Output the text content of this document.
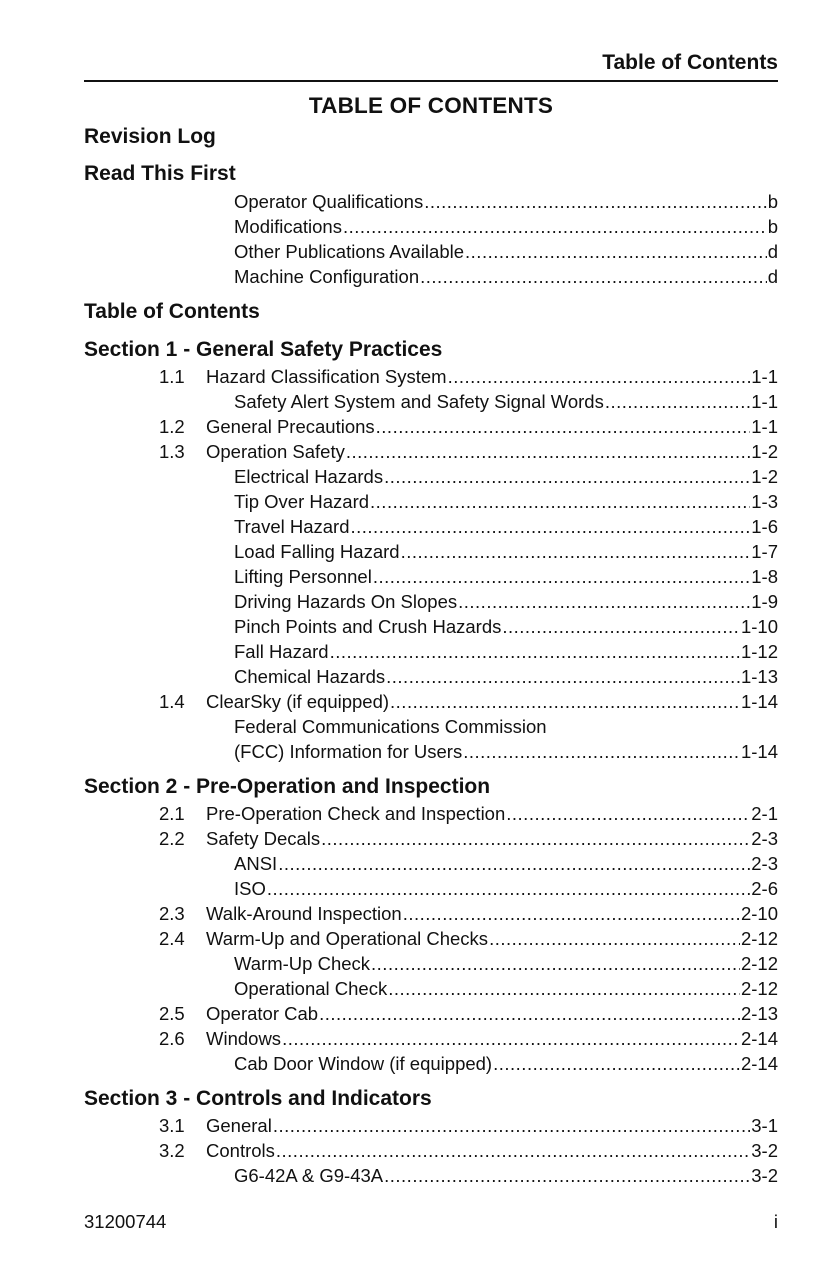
Table of Contents
TABLE OF CONTENTS
Revision Log
Read This First
Operator Qualifications .....	b
Modifications .....	b
Other Publications Available .....	d
Machine Configuration .....	d
Table of Contents
Section 1 - General Safety Practices
1.1 Hazard Classification System .....	1-1
Safety Alert System and Safety Signal Words .....	1-1
1.2 General Precautions .....	1-1
1.3 Operation Safety .....	1-2
Electrical Hazards .....	1-2
Tip Over Hazard .....	1-3
Travel Hazard .....	1-6
Load Falling Hazard .....	1-7
Lifting Personnel .....	1-8
Driving Hazards On Slopes .....	1-9
Pinch Points and Crush Hazards .....	1-10
Fall Hazard .....	1-12
Chemical Hazards .....	1-13
1.4 ClearSky (if equipped) .....	1-14
Federal Communications Commission
(FCC) Information for Users .....	1-14
Section 2 - Pre-Operation and Inspection
2.1 Pre-Operation Check and Inspection .....	2-1
2.2 Safety Decals .....	2-3
ANSI .....	2-3
ISO .....	2-6
2.3 Walk-Around Inspection .....	2-10
2.4 Warm-Up and Operational Checks .....	2-12
Warm-Up Check .....	2-12
Operational Check .....	2-12
2.5 Operator Cab .....	2-13
2.6 Windows .....	2-14
Cab Door Window (if equipped) .....	2-14
Section 3 - Controls and Indicators
3.1 General .....	3-1
3.2 Controls .....	3-2
G6-42A & G9-43A .....	3-2
31200744	i
